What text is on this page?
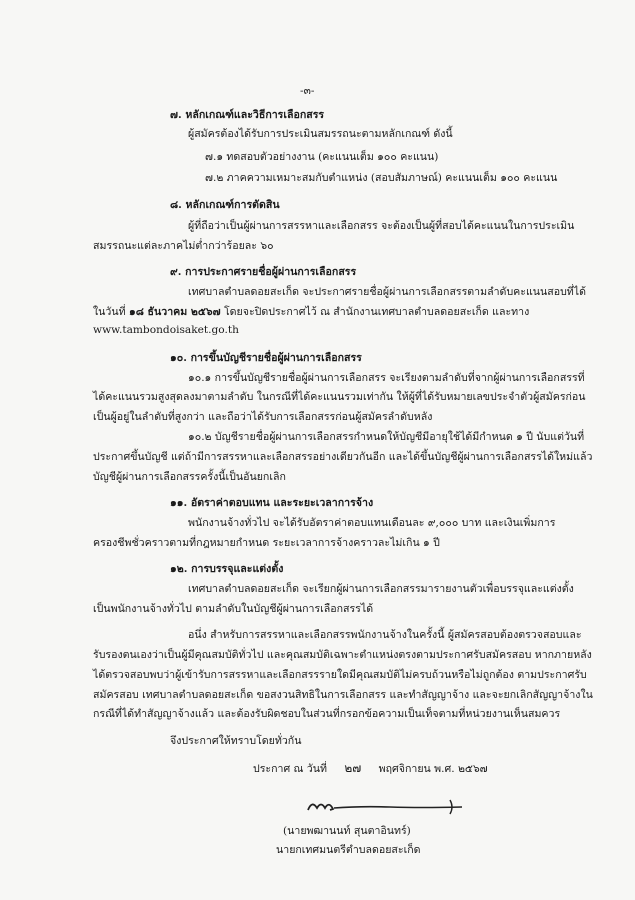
-๓-
๗. หลักเกณฑ์และวิธีการเลือกสรร
ผู้สมัครต้องได้รับการประเมินสมรรถนะตามหลักเกณฑ์ ดังนี้
๗.๑ ทดสอบตัวอย่างงาน (คะแนนเต็ม ๑๐๐ คะแนน)
๗.๒ ภาคความเหมาะสมกับตำแหน่ง (สอบสัมภาษณ์) คะแนนเต็ม ๑๐๐ คะแนน
๘. หลักเกณฑ์การตัดสิน
ผู้ที่ถือว่าเป็นผู้ผ่านการสรรหาและเลือกสรร จะต้องเป็นผู้ที่สอบได้คะแนนในการประเมิน
สมรรถนะแต่ละภาคไม่ต่ำกว่าร้อยละ ๖๐
๙. การประกาศรายชื่อผู้ผ่านการเลือกสรร
เทศบาลตำบลดอยสะเก็ด จะประกาศรายชื่อผู้ผ่านการเลือกสรรตามลำดับคะแนนสอบที่ได้
ในวันที่ ๑๘ ธันวาคม ๒๕๖๗ โดยจะปิดประกาศไว้ ณ สำนักงานเทศบาลตำบลดอยสะเก็ด และทาง
www.tambondoisaket.go.th
๑๐. การขึ้นบัญชีรายชื่อผู้ผ่านการเลือกสรร
๑๐.๑ การขึ้นบัญชีรายชื่อผู้ผ่านการเลือกสรร จะเรียงตามลำดับที่จากผู้ผ่านการเลือกสรรที่
ได้คะแนนรวมสูงสุดลงมาตามลำดับ ในกรณีที่ได้คะแนนรวมเท่ากัน ให้ผู้ที่ได้รับหมายเลขประจำตัวผู้สมัครก่อน
เป็นผู้อยู่ในลำดับที่สูงกว่า และถือว่าได้รับการเลือกสรรก่อนผู้สมัครลำดับหลัง
๑๐.๒ บัญชีรายชื่อผู้ผ่านการเลือกสรรกำหนดให้บัญชีมีอายุใช้ได้มีกำหนด ๑ ปี นับแต่วันที่
ประกาศขึ้นบัญชี แต่ถ้ามีการสรรหาและเลือกสรรอย่างเดียวกันอีก และได้ขึ้นบัญชีผู้ผ่านการเลือกสรรได้ใหม่แล้ว
บัญชีผู้ผ่านการเลือกสรรครั้งนี้เป็นอันยกเลิก
๑๑. อัตราค่าตอบแทน และระยะเวลาการจ้าง
พนักงานจ้างทั่วไป จะได้รับอัตราค่าตอบแทนเดือนละ ๙,๐๐๐ บาท และเงินเพิ่มการ
ครองชีพชั่วคราวตามที่กฎหมายกำหนด ระยะเวลาการจ้างคราวละไม่เกิน ๑ ปี
๑๒. การบรรจุและแต่งตั้ง
เทศบาลตำบลดอยสะเก็ด จะเรียกผู้ผ่านการเลือกสรรมารายงานตัวเพื่อบรรจุและแต่งตั้ง
เป็นพนักงานจ้างทั่วไป ตามลำดับในบัญชีผู้ผ่านการเลือกสรรได้
อนึ่ง สำหรับการสรรหาและเลือกสรรพนักงานจ้างในครั้งนี้ ผู้สมัครสอบต้องตรวจสอบและ
รับรองตนเองว่าเป็นผู้มีคุณสมบัติทั่วไป และคุณสมบัติเฉพาะตำแหน่งตรงตามประกาศรับสมัครสอบ หากภายหลัง
ได้ตรวจสอบพบว่าผู้เข้ารับการสรรหาและเลือกสรรรายใดมีคุณสมบัติไม่ครบถ้วนหรือไม่ถูกต้อง ตามประกาศรับ
สมัครสอบ เทศบาลตำบลดอยสะเก็ด ขอสงวนสิทธิในการเลือกสรร และทำสัญญาจ้าง และจะยกเลิกสัญญาจ้างใน
กรณีที่ได้ทำสัญญาจ้างแล้ว และต้องรับผิดชอบในส่วนที่กรอกข้อความเป็นเท็จตามที่หน่วยงานเห็นสมควร
จึงประกาศให้ทราบโดยทั่วกัน
ประกาศ ณ วันที่ ๒๗ พฤศจิกายน พ.ศ. ๒๕๖๗
(นายพฒานนท์ สุนตาอินทร์)
นายกเทศมนตรีตำบลดอยสะเก็ด
